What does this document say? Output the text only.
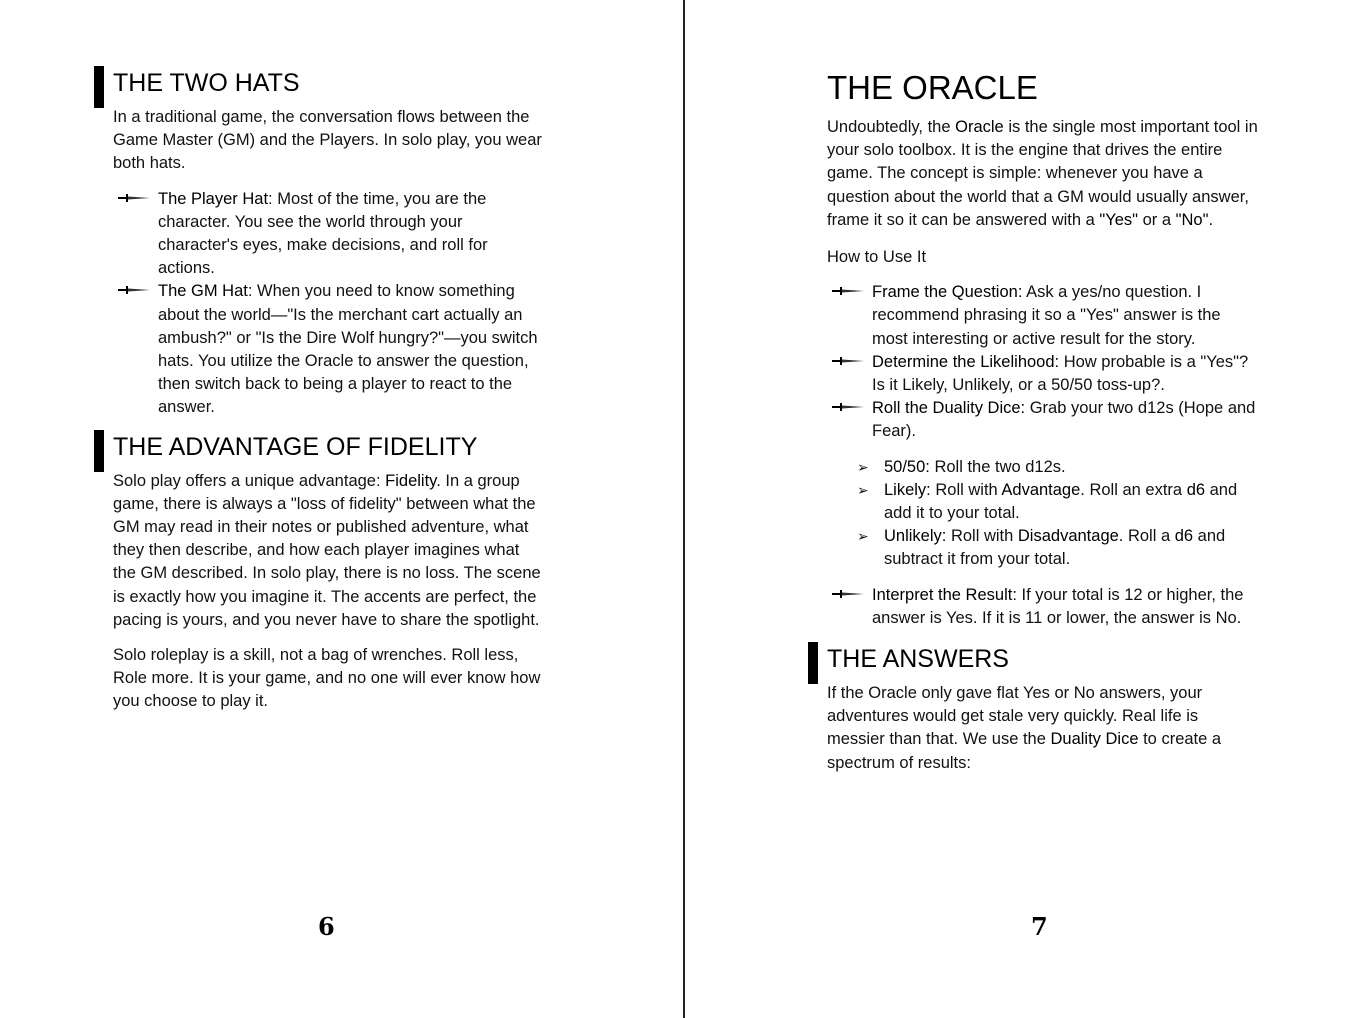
THE TWO HATS

In a traditional game, the conversation flows between the Game Master (GM) and the Players. In solo play, you wear both hats.

The Player Hat: Most of the time, you are the character. You see the world through your character's eyes, make decisions, and roll for actions.
The GM Hat: When you need to know something about the world—"Is the merchant cart actually an ambush?" or "Is the Dire Wolf hungry?"—you switch hats. You utilize the Oracle to answer the question, then switch back to being a player to react to the answer.
THE ADVANTAGE OF FIDELITY

Solo play offers a unique advantage: Fidelity. In a group game, there is always a "loss of fidelity" between what the GM may read in their notes or published adventure, what they then describe, and how each player imagines what the GM described. In solo play, there is no loss. The scene is exactly how you imagine it. The accents are perfect, the pacing is yours, and you never have to share the spotlight.

Solo roleplay is a skill, not a bag of wrenches. Roll less, Role more. It is your game, and no one will ever know how you choose to play it.

6
THE ORACLE

Undoubtedly, the Oracle is the single most important tool in your solo toolbox. It is the engine that drives the entire game. The concept is simple: whenever you have a question about the world that a GM would usually answer, frame it so it can be answered with a "Yes" or a "No".

How to Use It
Frame the Question: Ask a yes/no question. I recommend phrasing it so a "Yes" answer is the most interesting or active result for the story.
Determine the Likelihood: How probable is a "Yes"? Is it Likely, Unlikely, or a 50/50 toss-up?.
Roll the Duality Dice: Grab your two d12s (Hope and Fear).
➢ 50/50: Roll the two d12s.
➢ Likely: Roll with Advantage. Roll an extra d6 and add it to your total.
➢ Unlikely: Roll with Disadvantage. Roll a d6 and subtract it from your total.
Interpret the Result: If your total is 12 or higher, the answer is Yes. If it is 11 or lower, the answer is No.
THE ANSWERS

If the Oracle only gave flat Yes or No answers, your adventures would get stale very quickly. Real life is messier than that. We use the Duality Dice to create a spectrum of results:

7
